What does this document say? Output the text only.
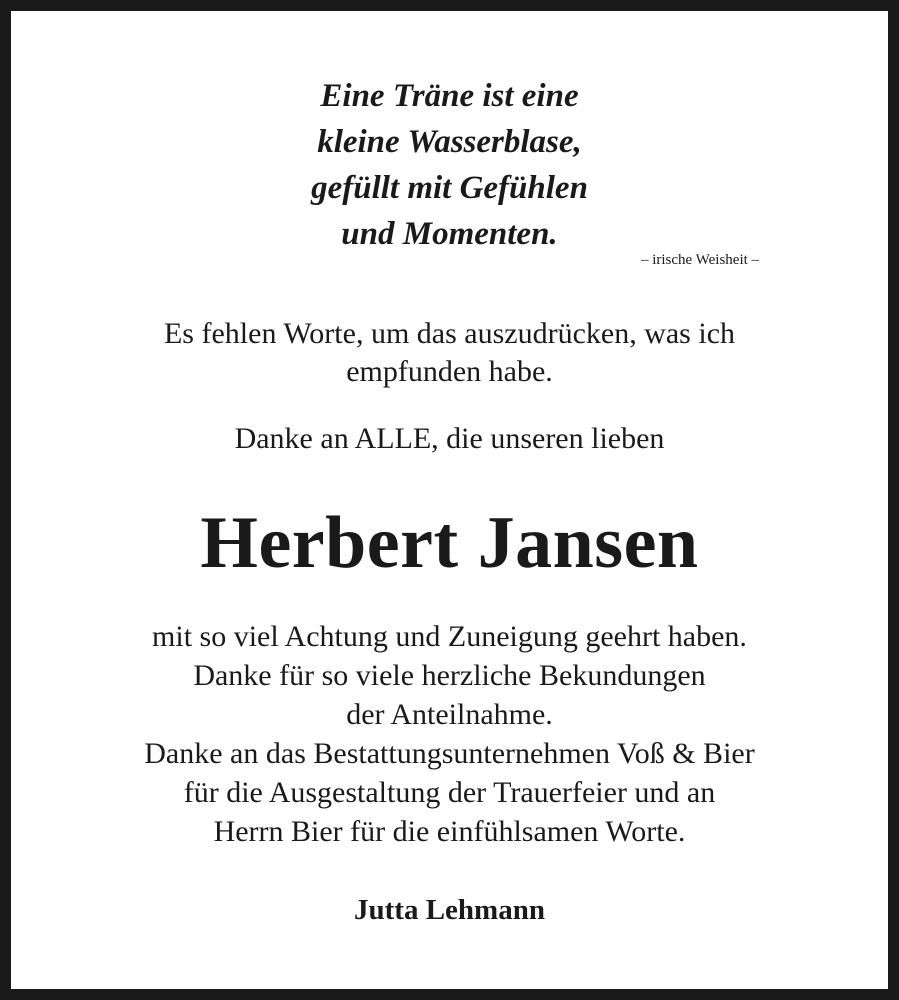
Eine Träne ist eine
kleine Wasserblase,
gefüllt mit Gefühlen
und Momenten.
– irische Weisheit –
Es fehlen Worte, um das auszudrücken, was ich
empfunden habe.
Danke an ALLE, die unseren lieben
Herbert Jansen
mit so viel Achtung und Zuneigung geehrt haben.
Danke für so viele herzliche Bekundungen
der Anteilnahme.
Danke an das Bestattungsunternehmen Voß & Bier
für die Ausgestaltung der Trauerfeier und an
Herrn Bier für die einfühlsamen Worte.
Jutta Lehmann
